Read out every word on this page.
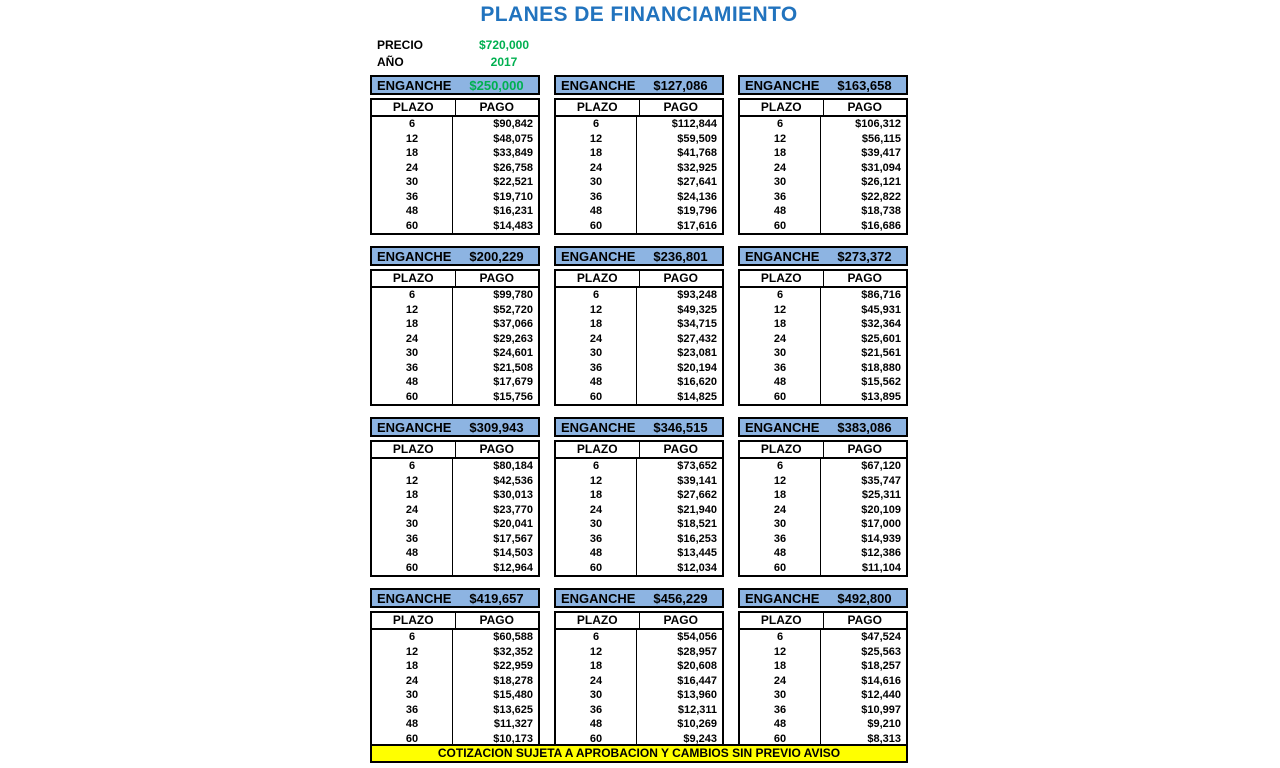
PLANES DE FINANCIAMIENTO
PRECIO	$720,000
AÑO	2017
ENGANCHE	$250,000
PLAZO	PAGO
6	$90,842
12	$48,075
18	$33,849
24	$26,758
30	$22,521
36	$19,710
48	$16,231
60	$14,483
ENGANCHE	$127,086
PLAZO	PAGO
6	$112,844
12	$59,509
18	$41,768
24	$32,925
30	$27,641
36	$24,136
48	$19,796
60	$17,616
ENGANCHE	$163,658
PLAZO	PAGO
6	$106,312
12	$56,115
18	$39,417
24	$31,094
30	$26,121
36	$22,822
48	$18,738
60	$16,686
ENGANCHE	$200,229
PLAZO	PAGO
6	$99,780
12	$52,720
18	$37,066
24	$29,263
30	$24,601
36	$21,508
48	$17,679
60	$15,756
ENGANCHE	$236,801
PLAZO	PAGO
6	$93,248
12	$49,325
18	$34,715
24	$27,432
30	$23,081
36	$20,194
48	$16,620
60	$14,825
ENGANCHE	$273,372
PLAZO	PAGO
6	$86,716
12	$45,931
18	$32,364
24	$25,601
30	$21,561
36	$18,880
48	$15,562
60	$13,895
ENGANCHE	$309,943
PLAZO	PAGO
6	$80,184
12	$42,536
18	$30,013
24	$23,770
30	$20,041
36	$17,567
48	$14,503
60	$12,964
ENGANCHE	$346,515
PLAZO	PAGO
6	$73,652
12	$39,141
18	$27,662
24	$21,940
30	$18,521
36	$16,253
48	$13,445
60	$12,034
ENGANCHE	$383,086
PLAZO	PAGO
6	$67,120
12	$35,747
18	$25,311
24	$20,109
30	$17,000
36	$14,939
48	$12,386
60	$11,104
ENGANCHE	$419,657
PLAZO	PAGO
6	$60,588
12	$32,352
18	$22,959
24	$18,278
30	$15,480
36	$13,625
48	$11,327
60	$10,173
ENGANCHE	$456,229
PLAZO	PAGO
6	$54,056
12	$28,957
18	$20,608
24	$16,447
30	$13,960
36	$12,311
48	$10,269
60	$9,243
ENGANCHE	$492,800
PLAZO	PAGO
6	$47,524
12	$25,563
18	$18,257
24	$14,616
30	$12,440
36	$10,997
48	$9,210
60	$8,313
COTIZACION SUJETA A APROBACION Y CAMBIOS SIN PREVIO AVISO
